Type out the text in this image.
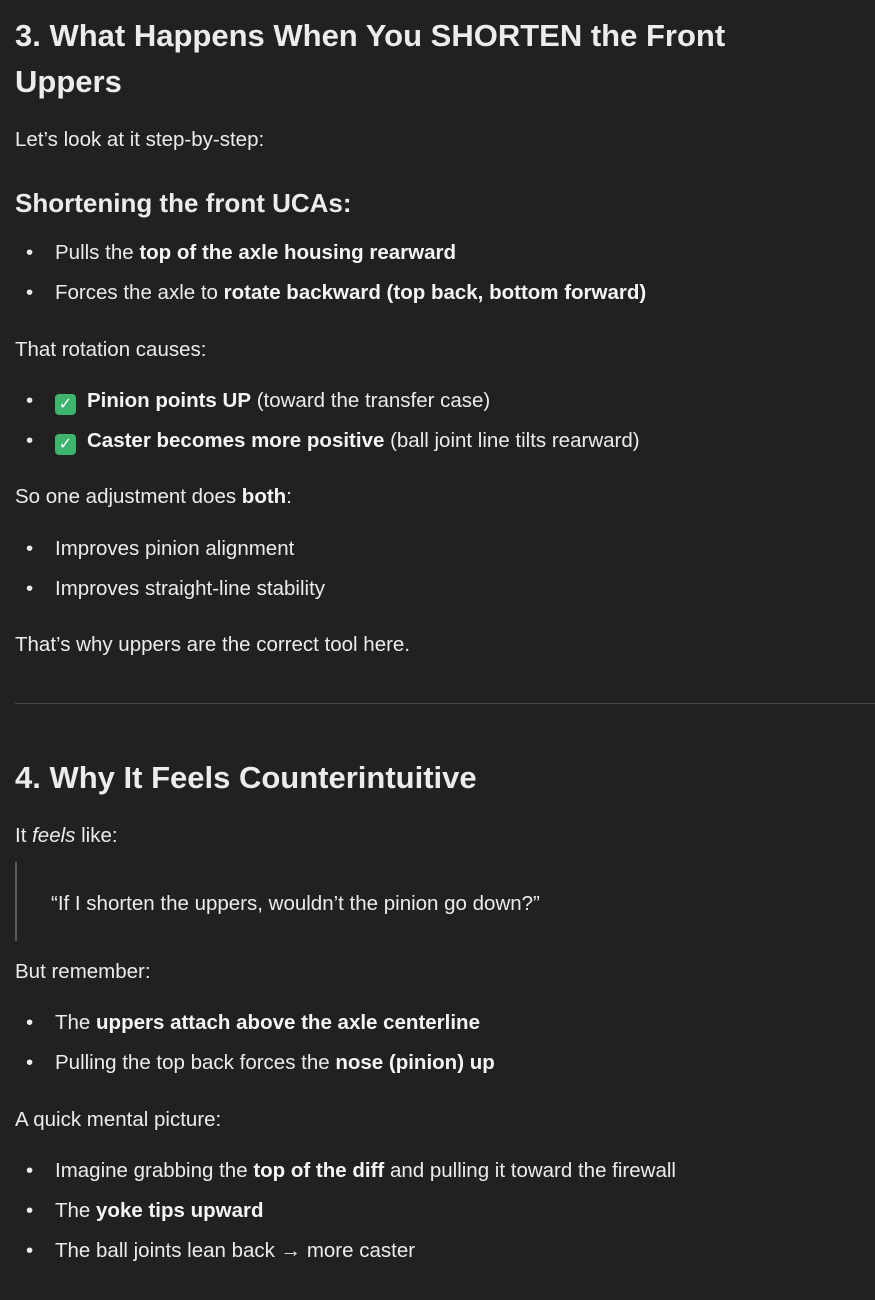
3. What Happens When You SHORTEN the Front
Uppers

Let’s look at it step-by-step:

Shortening the front UCAs:
• Pulls the top of the axle housing rearward
• Forces the axle to rotate backward (top back, bottom forward)

That rotation causes:

• ✓ Pinion points UP (toward the transfer case)
• ✓ Caster becomes more positive (ball joint line tilts rearward)

So one adjustment does both:

• Improves pinion alignment
• Improves straight-line stability

That’s why uppers are the correct tool here.

4. Why It Feels Counterintuitive

It feels like:

“If I shorten the uppers, wouldn’t the pinion go down?”

But remember:

• The uppers attach above the axle centerline
• Pulling the top back forces the nose (pinion) up

A quick mental picture:

• Imagine grabbing the top of the diff and pulling it toward the firewall
• The yoke tips upward
• The ball joints lean back → more caster
